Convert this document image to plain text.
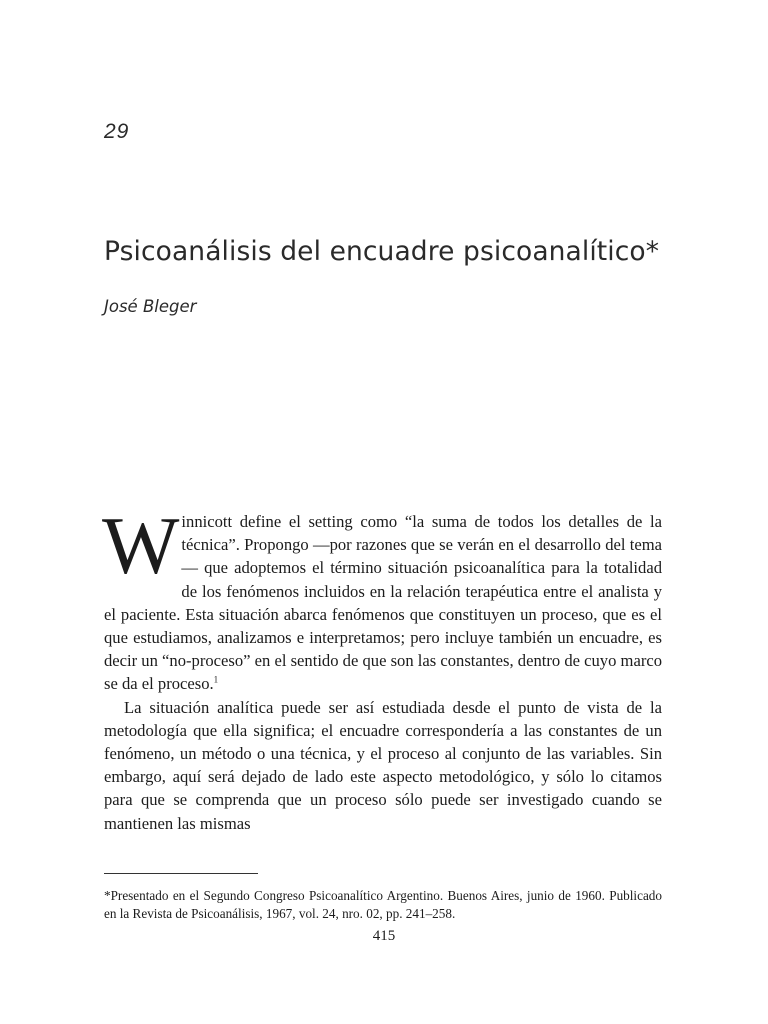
29
Psicoanálisis del encuadre psicoanalítico*
José Bleger

Winnicott define el setting como “la suma de todos los detalles de la técnica”. Propongo —por razones que se verán en el desarrollo del tema— que adoptemos el término situación psicoanalítica para la totalidad de los fenómenos incluidos en la relación terapéutica entre el analista y el paciente. Esta situación abarca fenómenos que constituyen un proceso, que es el que estudiamos, analizamos e interpretamos; pero incluye también un encuadre, es decir un “no-proceso” en el sentido de que son las constantes, dentro de cuyo marco se da el proceso.$^1$

La situación analítica puede ser así estudiada desde el punto de vista de la metodología que ella significa; el encuadre correspondería a las constantes de un fenómeno, un método o una técnica, y el proceso al conjunto de las variables. Sin embargo, aquí será dejado de lado este aspecto metodológico, y sólo lo citamos para que se comprenda que un proceso sólo puede ser investigado cuando se mantienen las mismas

*Presentado en el Segundo Congreso Psicoanalítico Argentino. Buenos Aires, junio de 1960. Publicado en la Revista de Psicoanálisis, 1967, vol. 24, nro. 02, pp. 241–258.

415
